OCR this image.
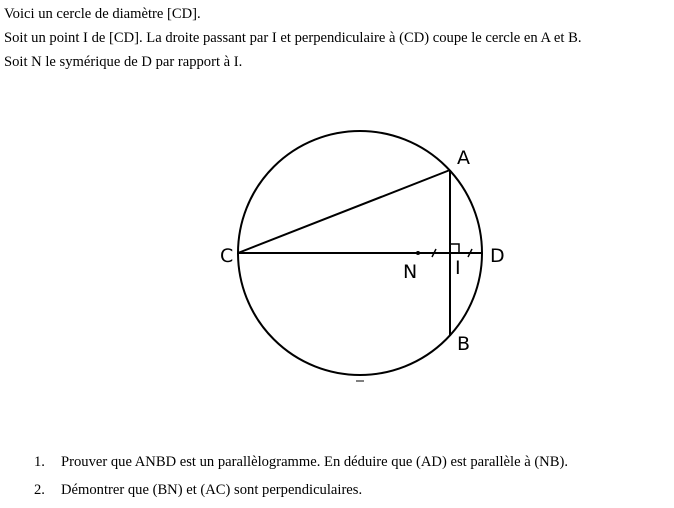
Voici un cercle de diamètre [CD].

Soit un point I de [CD]. La droite passant par I et perpendiculaire à (CD) coupe le cercle en A et B.

Soit N le symérique de D par rapport à I.

A
B
C	D
N I
1. Prouver que ANBD est un parallèlogramme. En déduire que (AD) est parallèle à (NB).
2. Démontrer que (BN) et (AC) sont perpendiculaires.
